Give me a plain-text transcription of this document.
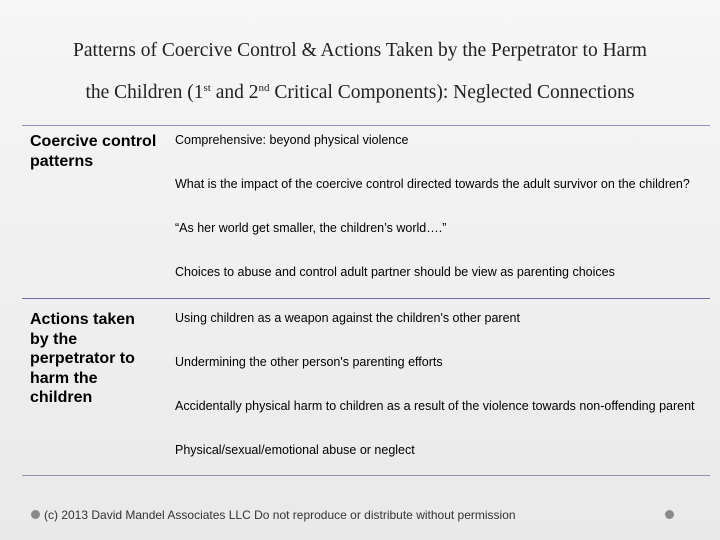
Patterns of Coercive Control & Actions Taken by the Perpetrator to Harm
the Children (1st and 2nd Critical Components): Neglected Connections
Coercive control patterns
Comprehensive: beyond physical violence
What is the impact of the coercive control directed towards the adult survivor on the children?
“As her world get smaller, the children’s world….”
Choices to abuse and control adult partner should be view as parenting choices
Actions taken by the perpetrator to harm the children
Using children as a weapon against the children's other parent
Undermining the other person's parenting efforts
Accidentally physical harm to children as a result of the violence towards non-offending parent
Physical/sexual/emotional abuse or neglect
(c) 2013 David Mandel Associates LLC Do not reproduce or distribute without permission
